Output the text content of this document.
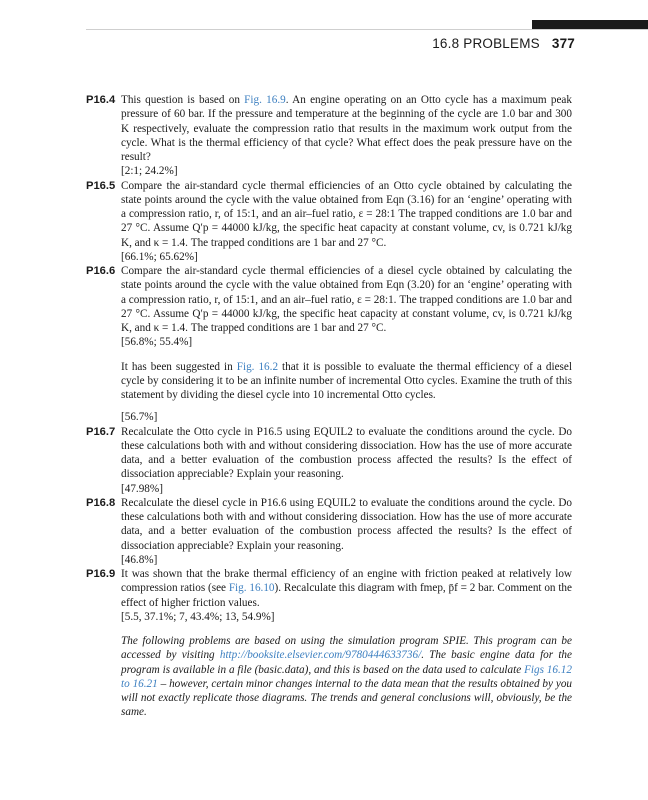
16.8 PROBLEMS 377
P16.4 This question is based on Fig. 16.9. An engine operating on an Otto cycle has a maximum peak pressure of 60 bar. If the pressure and temperature at the beginning of the cycle are 1.0 bar and 300 K respectively, evaluate the compression ratio that results in the maximum work output from the cycle. What is the thermal efficiency of that cycle? What effect does the peak pressure have on the result?
[2:1; 24.2%]
P16.5 Compare the air-standard cycle thermal efficiencies of an Otto cycle obtained by calculating the state points around the cycle with the value obtained from Eqn (3.16) for an ‘engine’ operating with a compression ratio, r, of 15:1, and an air–fuel ratio, ε = 28:1 The trapped conditions are 1.0 bar and 27 °C. Assume Q′p = 44000 kJ/kg, the specific heat capacity at constant volume, cv, is 0.721 kJ/kg K, and κ = 1.4. The trapped conditions are 1 bar and 27 °C.
[66.1%; 65.62%]
P16.6 Compare the air-standard cycle thermal efficiencies of a diesel cycle obtained by calculating the state points around the cycle with the value obtained from Eqn (3.20) for an ‘engine’ operating with a compression ratio, r, of 15:1, and an air–fuel ratio, ε = 28:1. The trapped conditions are 1.0 bar and 27 °C. Assume Q′p = 44000 kJ/kg, the specific heat capacity at constant volume, cv, is 0.721 kJ/kg K, and κ = 1.4. The trapped conditions are 1 bar and 27 °C.
[56.8%; 55.4%]
It has been suggested in Fig. 16.2 that it is possible to evaluate the thermal efficiency of a diesel cycle by considering it to be an infinite number of incremental Otto cycles. Examine the truth of this statement by dividing the diesel cycle into 10 incremental Otto cycles.
[56.7%]
P16.7 Recalculate the Otto cycle in P16.5 using EQUIL2 to evaluate the conditions around the cycle. Do these calculations both with and without considering dissociation. How has the use of more accurate data, and a better evaluation of the combustion process affected the results? Is the effect of dissociation appreciable? Explain your reasoning.
[47.98%]
P16.8 Recalculate the diesel cycle in P16.6 using EQUIL2 to evaluate the conditions around the cycle. Do these calculations both with and without considering dissociation. How has the use of more accurate data, and a better evaluation of the combustion process affected the results? Is the effect of dissociation appreciable? Explain your reasoning.
[46.8%]
P16.9 It was shown that the brake thermal efficiency of an engine with friction peaked at relatively low compression ratios (see Fig. 16.10). Recalculate this diagram with fmep, p̄f = 2 bar. Comment on the effect of higher friction values.
[5.5, 37.1%; 7, 43.4%; 13, 54.9%]
The following problems are based on using the simulation program SPIE. This program can be accessed by visiting http://booksite.elsevier.com/9780444633736/. The basic engine data for the program is available in a file (basic.data), and this is based on the data used to calculate Figs 16.12 to 16.21 – however, certain minor changes internal to the data mean that the results obtained by you will not exactly replicate those diagrams. The trends and general conclusions will, obviously, be the same.
